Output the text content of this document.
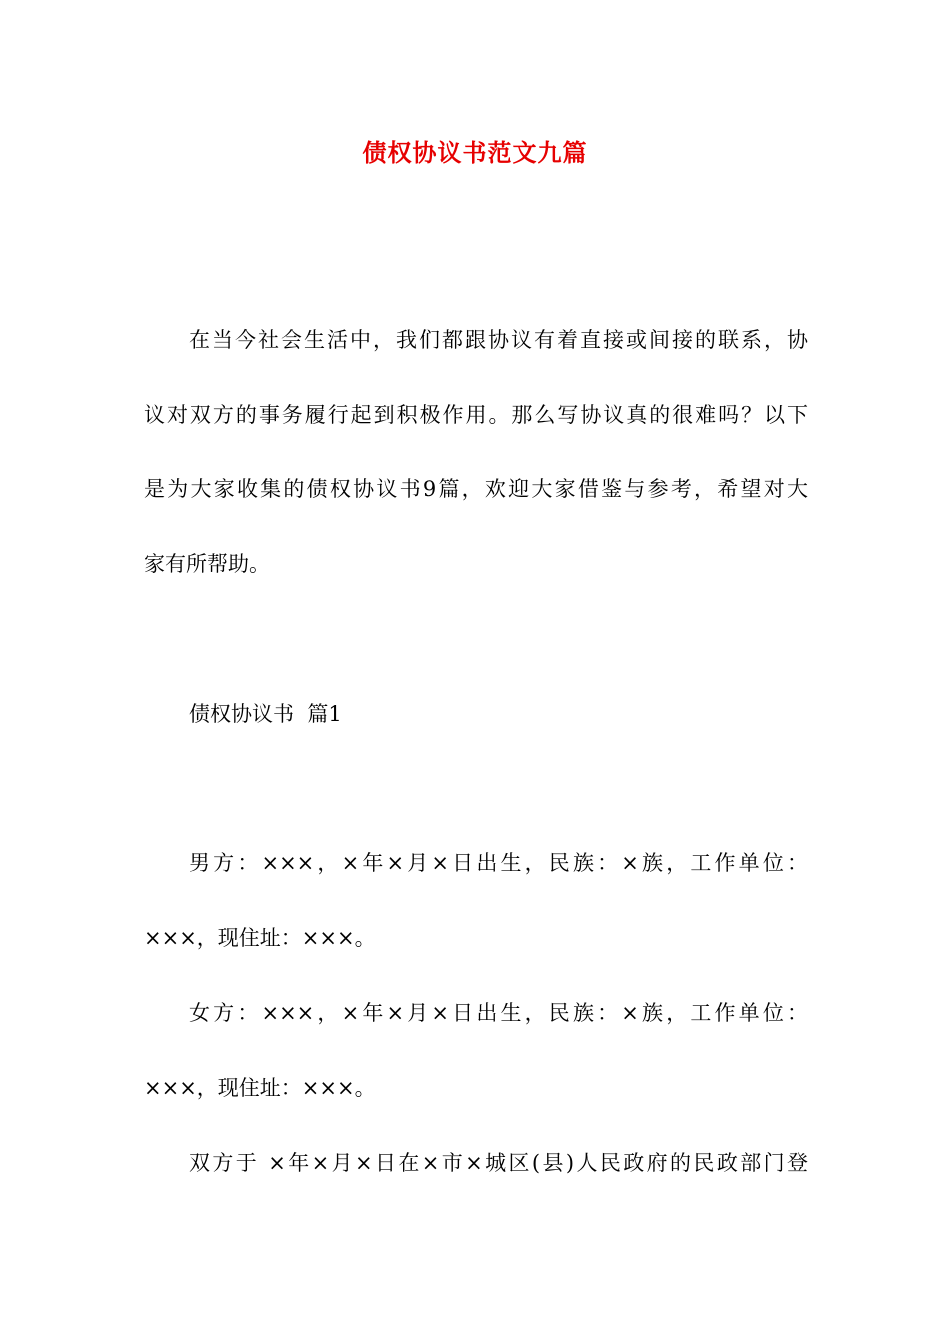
债权协议书范文九篇
在当今社会生活中，我们都跟协议有着直接或间接的联系，协
议对双方的事务履行起到积极作用。那么写协议真的很难吗？以下
是为大家收集的债权协议书9篇，欢迎大家借鉴与参考，希望对大
家有所帮助。
债权协议书  篇1
男方：×××，×年×月×日出生，民族：×族，工作单位：
×××，现住址：×××。
女方：×××，×年×月×日出生，民族：×族，工作单位：
×××，现住址：×××。
双方于 ×年×月×日在×市×城区(县)人民政府的民政部门登
